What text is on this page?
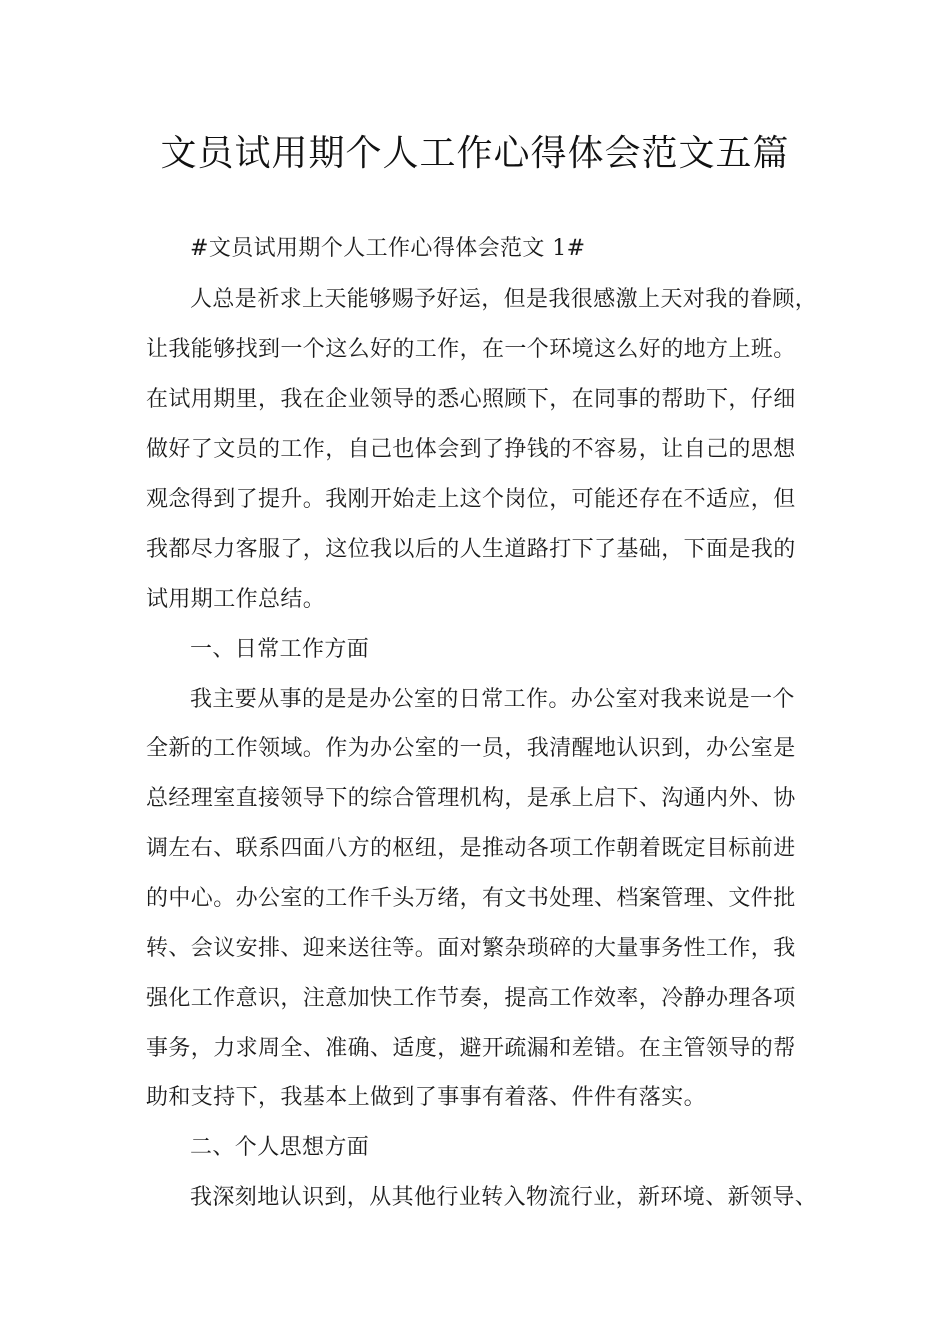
文员试用期个人工作心得体会范文五篇
#文员试用期个人工作心得体会范文 1#
人总是祈求上天能够赐予好运，但是我很感激上天对我的眷顾，
让我能够找到一个这么好的工作，在一个环境这么好的地方上班。
在试用期里，我在企业领导的悉心照顾下，在同事的帮助下，仔细
做好了文员的工作，自己也体会到了挣钱的不容易，让自己的思想
观念得到了提升。我刚开始走上这个岗位，可能还存在不适应，但
我都尽力客服了，这位我以后的人生道路打下了基础，下面是我的
试用期工作总结。
一、日常工作方面
我主要从事的是是办公室的日常工作。办公室对我来说是一个
全新的工作领域。作为办公室的一员，我清醒地认识到，办公室是
总经理室直接领导下的综合管理机构，是承上启下、沟通内外、协
调左右、联系四面八方的枢纽，是推动各项工作朝着既定目标前进
的中心。办公室的工作千头万绪，有文书处理、档案管理、文件批
转、会议安排、迎来送往等。面对繁杂琐碎的大量事务性工作，我
强化工作意识，注意加快工作节奏，提高工作效率，冷静办理各项
事务，力求周全、准确、适度，避开疏漏和差错。在主管领导的帮
助和支持下，我基本上做到了事事有着落、件件有落实。
二、个人思想方面
我深刻地认识到，从其他行业转入物流行业，新环境、新领导、
